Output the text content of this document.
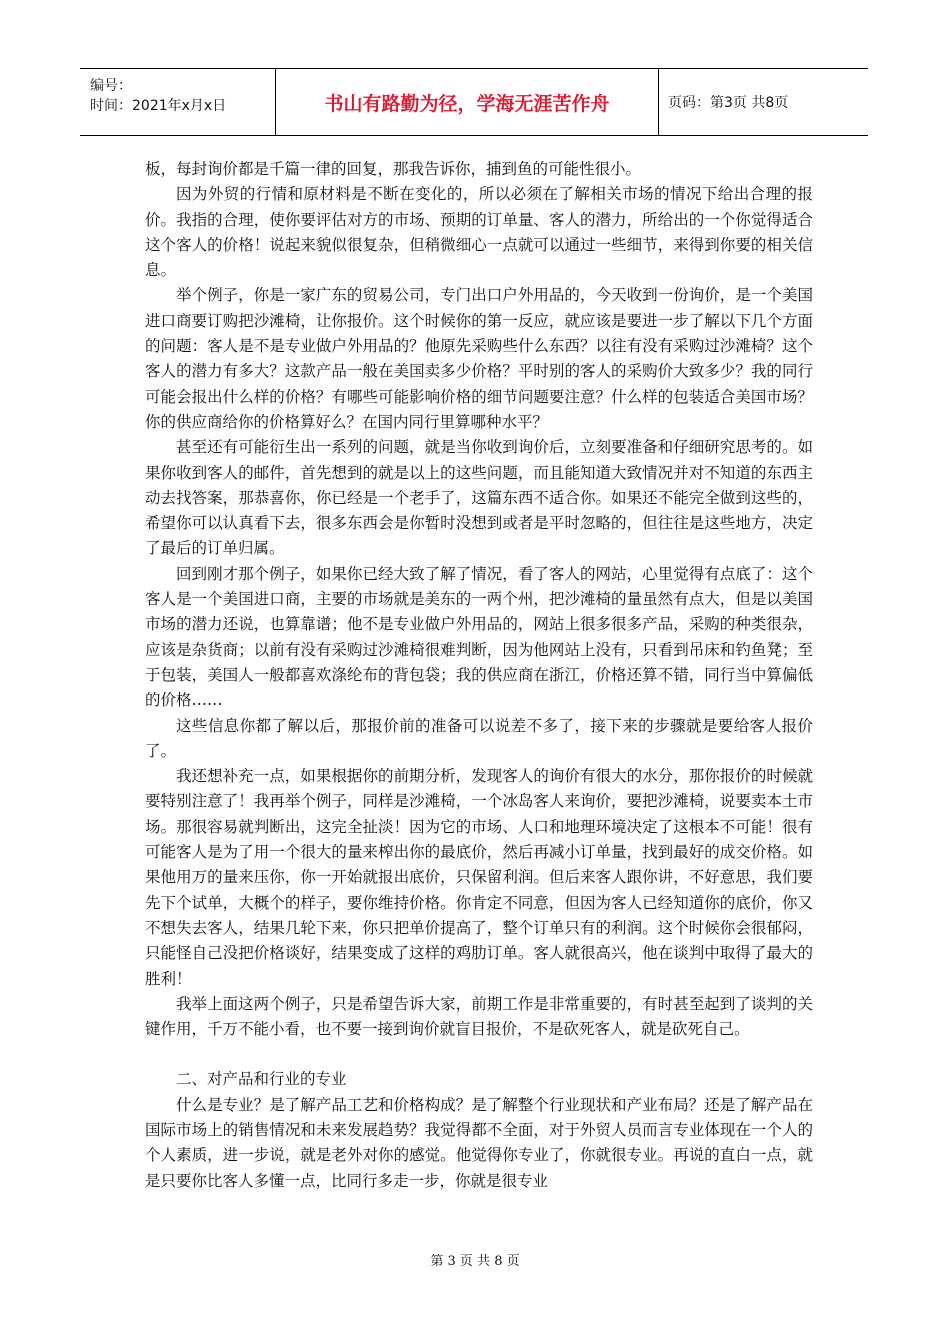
编号：
时间：2021年x月x日	书山有路勤为径，学海无涯苦作舟	页码：第3页 共8页

板，每封询价都是千篇一律的回复，那我告诉你，捕到鱼的可能性很小。

因为外贸的行情和原材料是不断在变化的，所以必须在了解相关市场的情况下给出合理的报价。我指的合理，使你要评估对方的市场、预期的订单量、客人的潜力，所给出的一个你觉得适合这个客人的价格！说起来貌似很复杂，但稍微细心一点就可以通过一些细节，来得到你要的相关信息。

举个例子，你是一家广东的贸易公司，专门出口户外用品的，今天收到一份询价，是一个美国进口商要订购把沙滩椅，让你报价。这个时候你的第一反应，就应该是要进一步了解以下几个方面的问题：客人是不是专业做户外用品的？他原先采购些什么东西？以往有没有采购过沙滩椅？这个客人的潜力有多大？这款产品一般在美国卖多少价格？平时别的客人的采购价大致多少？我的同行可能会报出什么样的价格？有哪些可能影响价格的细节问题要注意？什么样的包装适合美国市场？你的供应商给你的价格算好么？在国内同行里算哪种水平？

甚至还有可能衍生出一系列的问题，就是当你收到询价后，立刻要准备和仔细研究思考的。如果你收到客人的邮件，首先想到的就是以上的这些问题，而且能知道大致情况并对不知道的东西主动去找答案，那恭喜你，你已经是一个老手了，这篇东西不适合你。如果还不能完全做到这些的，希望你可以认真看下去，很多东西会是你暂时没想到或者是平时忽略的，但往往是这些地方，决定了最后的订单归属。

回到刚才那个例子，如果你已经大致了解了情况，看了客人的网站，心里觉得有点底了：这个客人是一个美国进口商，主要的市场就是美东的一两个州，把沙滩椅的量虽然有点大，但是以美国市场的潜力还说，也算靠谱；他不是专业做户外用品的，网站上很多很多产品，采购的种类很杂，应该是杂货商；以前有没有采购过沙滩椅很难判断，因为他网站上没有，只看到吊床和钓鱼凳；至于包装，美国人一般都喜欢涤纶布的背包袋；我的供应商在浙江，价格还算不错，同行当中算偏低的价格……

这些信息你都了解以后，那报价前的准备可以说差不多了，接下来的步骤就是要给客人报价了。

我还想补充一点，如果根据你的前期分析，发现客人的询价有很大的水分，那你报价的时候就要特别注意了！我再举个例子，同样是沙滩椅，一个冰岛客人来询价，要把沙滩椅，说要卖本土市场。那很容易就判断出，这完全扯淡！因为它的市场、人口和地理环境决定了这根本不可能！很有可能客人是为了用一个很大的量来榨出你的最底价，然后再减小订单量，找到最好的成交价格。如果他用万的量来压你，你一开始就报出底价，只保留利润。但后来客人跟你讲，不好意思，我们要先下个试单，大概个的样子，要你维持价格。你肯定不同意，但因为客人已经知道你的底价，你又不想失去客人，结果几轮下来，你只把单价提高了，整个订单只有的利润。这个时候你会很郁闷，只能怪自己没把价格谈好，结果变成了这样的鸡肋订单。客人就很高兴，他在谈判中取得了最大的胜利！

我举上面这两个例子，只是希望告诉大家，前期工作是非常重要的，有时甚至起到了谈判的关键作用，千万不能小看，也不要一接到询价就盲目报价，不是砍死客人，就是砍死自己。

二、对产品和行业的专业

什么是专业？是了解产品工艺和价格构成？是了解整个行业现状和产业布局？还是了解产品在国际市场上的销售情况和未来发展趋势？我觉得都不全面，对于外贸人员而言专业体现在一个人的个人素质，进一步说，就是老外对你的感觉。他觉得你专业了，你就很专业。再说的直白一点，就是只要你比客人多懂一点，比同行多走一步，你就是很专业

第 3 页 共 8 页
